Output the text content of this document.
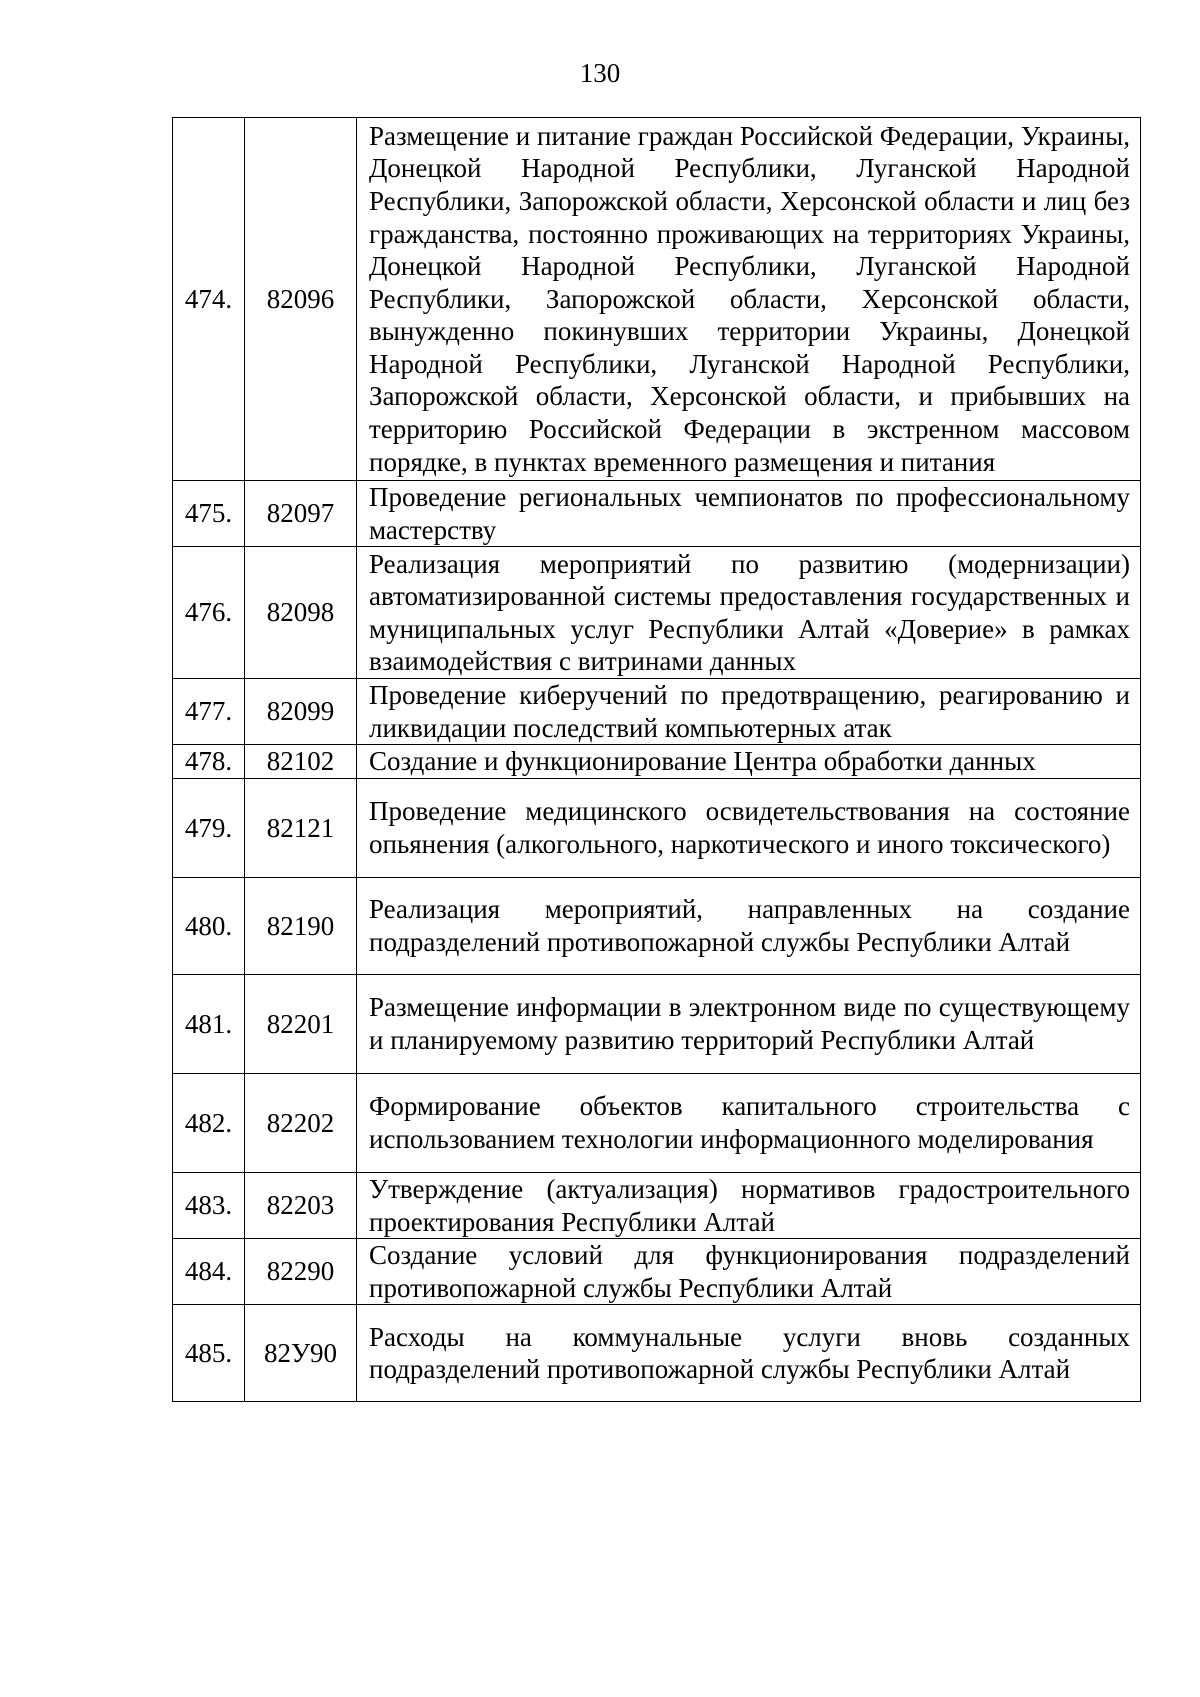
130
474.	82096	Размещение и питание граждан Российской Федерации, Украины, Донецкой Народной Республики, Луганской Народной Республики, Запорожской области, Херсонской области и лиц без гражданства, постоянно проживающих на территориях Украины, Донецкой Народной Республики, Луганской Народной Республики, Запорожской области, Херсонской области, вынужденно покинувших территории Украины, Донецкой Народной Республики, Луганской Народной Республики, Запорожской области, Херсонской области, и прибывших на территорию Российской Федерации в экстренном массовом порядке, в пунктах временного размещения и питания
475.	82097	Проведение региональных чемпионатов по профессиональному мастерству
476.	82098	Реализация мероприятий по развитию (модернизации) автоматизированной системы предоставления государственных и муниципальных услуг Республики Алтай «Доверие» в рамках взаимодействия с витринами данных
477.	82099	Проведение киберучений по предотвращению, реагированию и ликвидации последствий компьютерных атак
478.	82102	Создание и функционирование Центра обработки данных
479.	82121	Проведение медицинского освидетельствования на состояние опьянения (алкогольного, наркотического и иного токсического)
480.	82190	Реализация мероприятий, направленных на создание подразделений противопожарной службы Республики Алтай
481.	82201	Размещение информации в электронном виде по существующему и планируемому развитию территорий Республики Алтай
482.	82202	Формирование объектов капитального строительства с использованием технологии информационного моделирования
483.	82203	Утверждение (актуализация) нормативов градостроительного проектирования Республики Алтай
484.	82290	Создание условий для функционирования подразделений противопожарной службы Республики Алтай
485.	82У90	Расходы на коммунальные услуги вновь созданных подразделений противопожарной службы Республики Алтай
